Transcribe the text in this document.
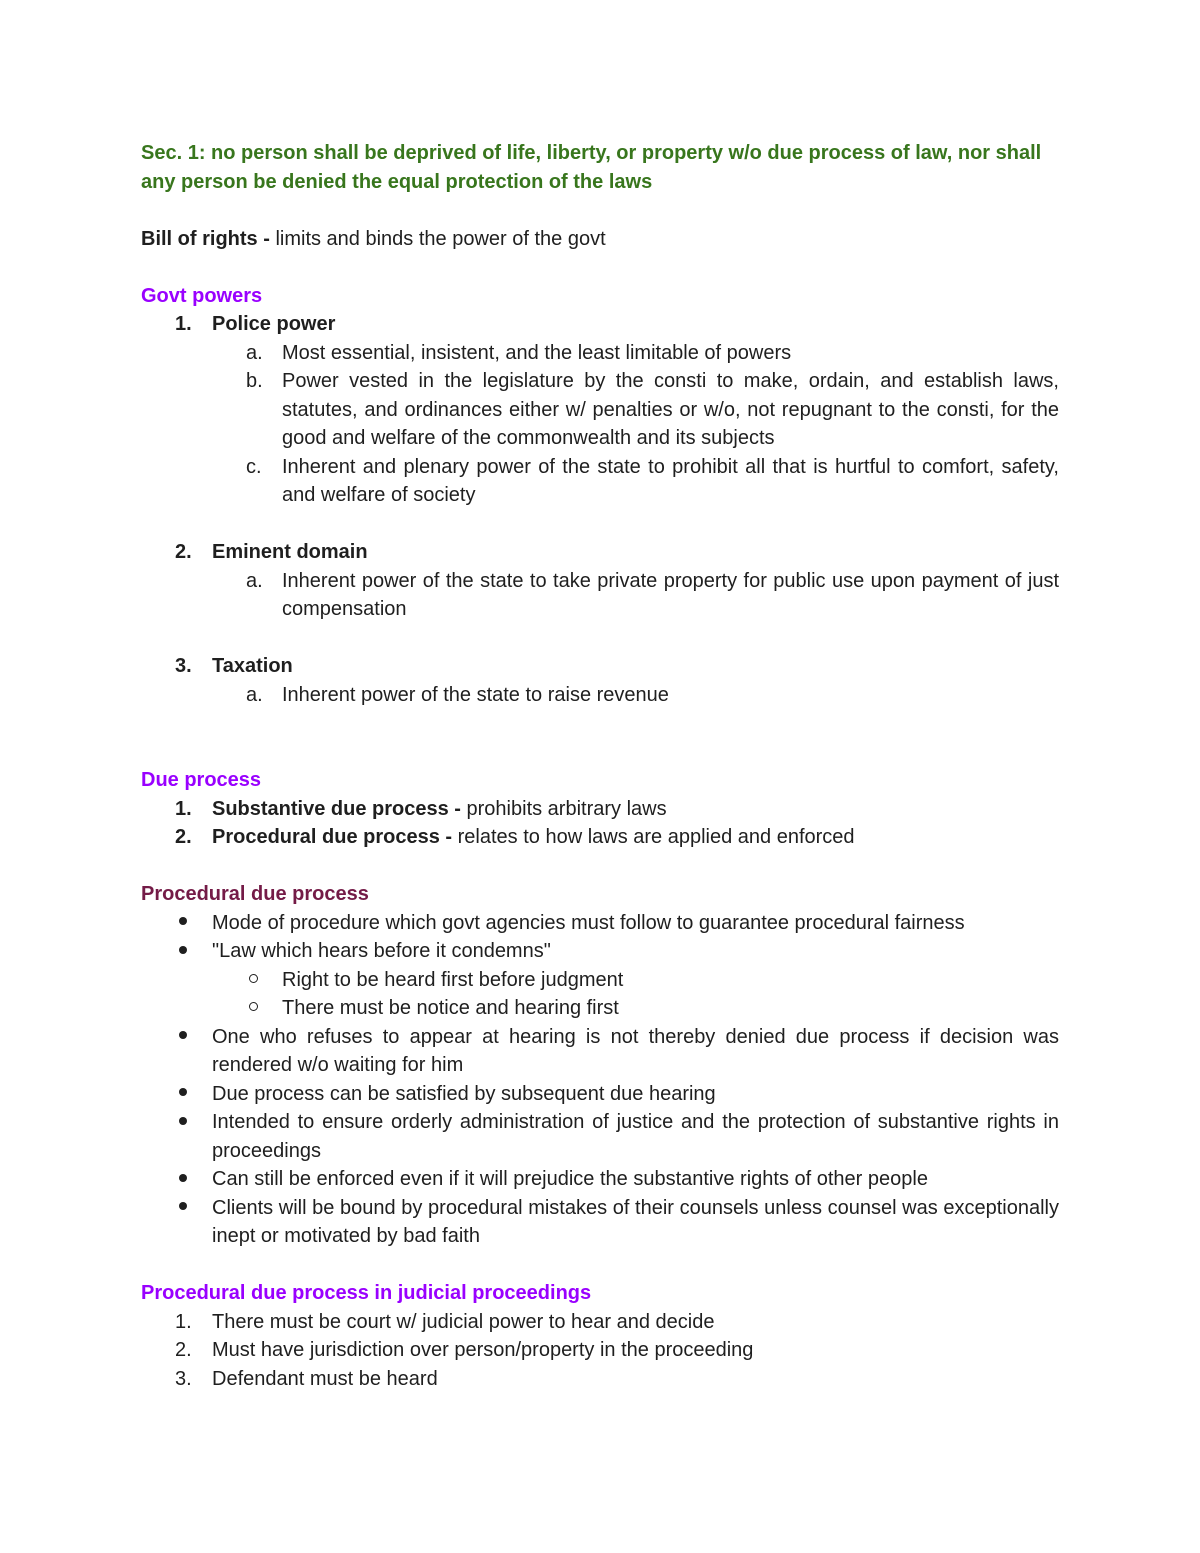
Sec. 1: no person shall be deprived of life, liberty, or property w/o due process of law, nor shall any person be denied the equal protection of the laws

Bill of rights - limits and binds the power of the govt

Govt powers

1.	Police power
a. Most essential, insistent, and the least limitable of powers
b. Power vested in the legislature by the consti to make, ordain, and establish laws, statutes, and ordinances either w/ penalties or w/o, not repugnant to the consti, for the good and welfare of the commonwealth and its subjects
c.	Inherent and plenary power of the state to prohibit all that is hurtful to comfort, safety, and welfare of society
2.	Eminent domain
a. Inherent power of the state to take private property for public use upon payment of just compensation
3.	Taxation
a. Inherent power of the state to raise revenue

Due process

1.	Substantive due process - prohibits arbitrary laws
2.	Procedural due process - relates to how laws are applied and enforced

Procedural due process

Mode of procedure which govt agencies must follow to guarantee procedural fairness
"Law which hears before it condemns"
Right to be heard first before judgment
There must be notice and hearing first
One who refuses to appear at hearing is not thereby denied due process if decision was rendered w/o waiting for him
Due process can be satisfied by subsequent due hearing
Intended to ensure orderly administration of justice and the protection of substantive rights in proceedings
Can still be enforced even if it will prejudice the substantive rights of other people
Clients will be bound by procedural mistakes of their counsels unless counsel was exceptionally inept or motivated by bad faith

Procedural due process in judicial proceedings

1.	There must be court w/ judicial power to hear and decide
2.	Must have jurisdiction over person/property in the proceeding
3.	Defendant must be heard
